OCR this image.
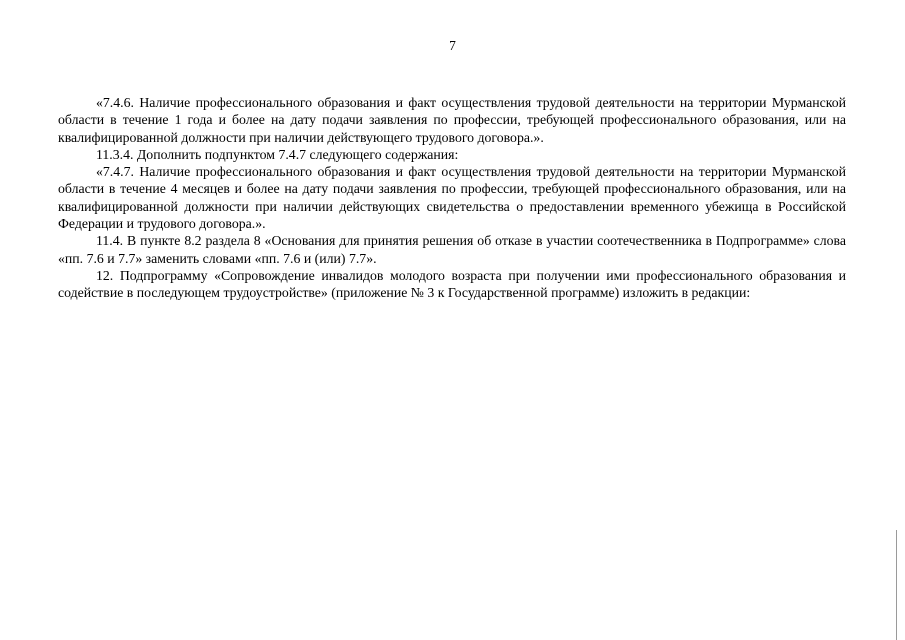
7

«7.4.6. Наличие профессионального образования и факт осуществления трудовой деятельности на территории Мурманской области в течение 1 года и более на дату подачи заявления по профессии, требующей профессионального образования, или на квалифицированной должности при наличии действующего трудового договора.».

11.3.4. Дополнить подпунктом 7.4.7 следующего содержания:

«7.4.7. Наличие профессионального образования и факт осуществления трудовой деятельности на территории Мурманской области в течение 4 месяцев и более на дату подачи заявления по профессии, требующей профессионального образования, или на квалифицированной должности при наличии действующих свидетельства о предоставлении временного убежища в Российской Федерации и трудового договора.».

11.4. В пункте 8.2 раздела 8 «Основания для принятия решения об отказе в участии соотечественника в Подпрограмме» слова «пп. 7.6 и 7.7» заменить словами «пп. 7.6 и (или) 7.7».

12. Подпрограмму «Сопровождение инвалидов молодого возраста при получении ими профессионального образования и содействие в последующем трудоустройстве» (приложение № 3 к Государственной программе) изложить в редакции:
